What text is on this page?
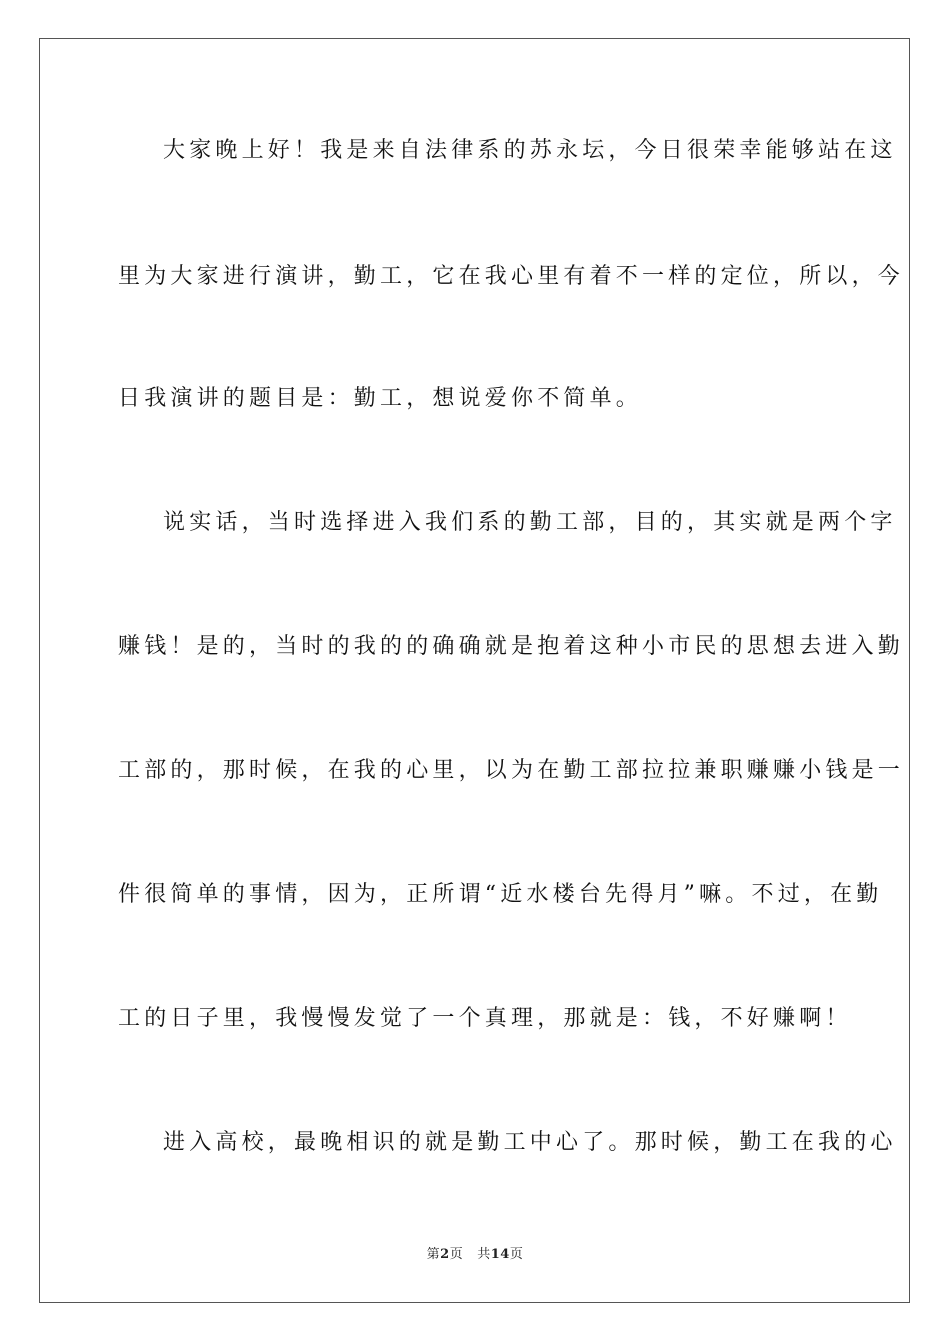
大家晚上好！我是来自法律系的苏永坛，今日很荣幸能够站在这
里为大家进行演讲，勤工，它在我心里有着不一样的定位，所以，今
日我演讲的题目是：勤工，想说爱你不简单。
说实话，当时选择进入我们系的勤工部，目的，其实就是两个字
赚钱！是的，当时的我的的确确就是抱着这种小市民的思想去进入勤
工部的，那时候，在我的心里，以为在勤工部拉拉兼职赚赚小钱是一
件很简单的事情，因为，正所谓“近水楼台先得月”嘛。不过，在勤
工的日子里，我慢慢发觉了一个真理，那就是：钱，不好赚啊！
进入高校，最晚相识的就是勤工中心了。那时候，勤工在我的心
第2页 共14页
